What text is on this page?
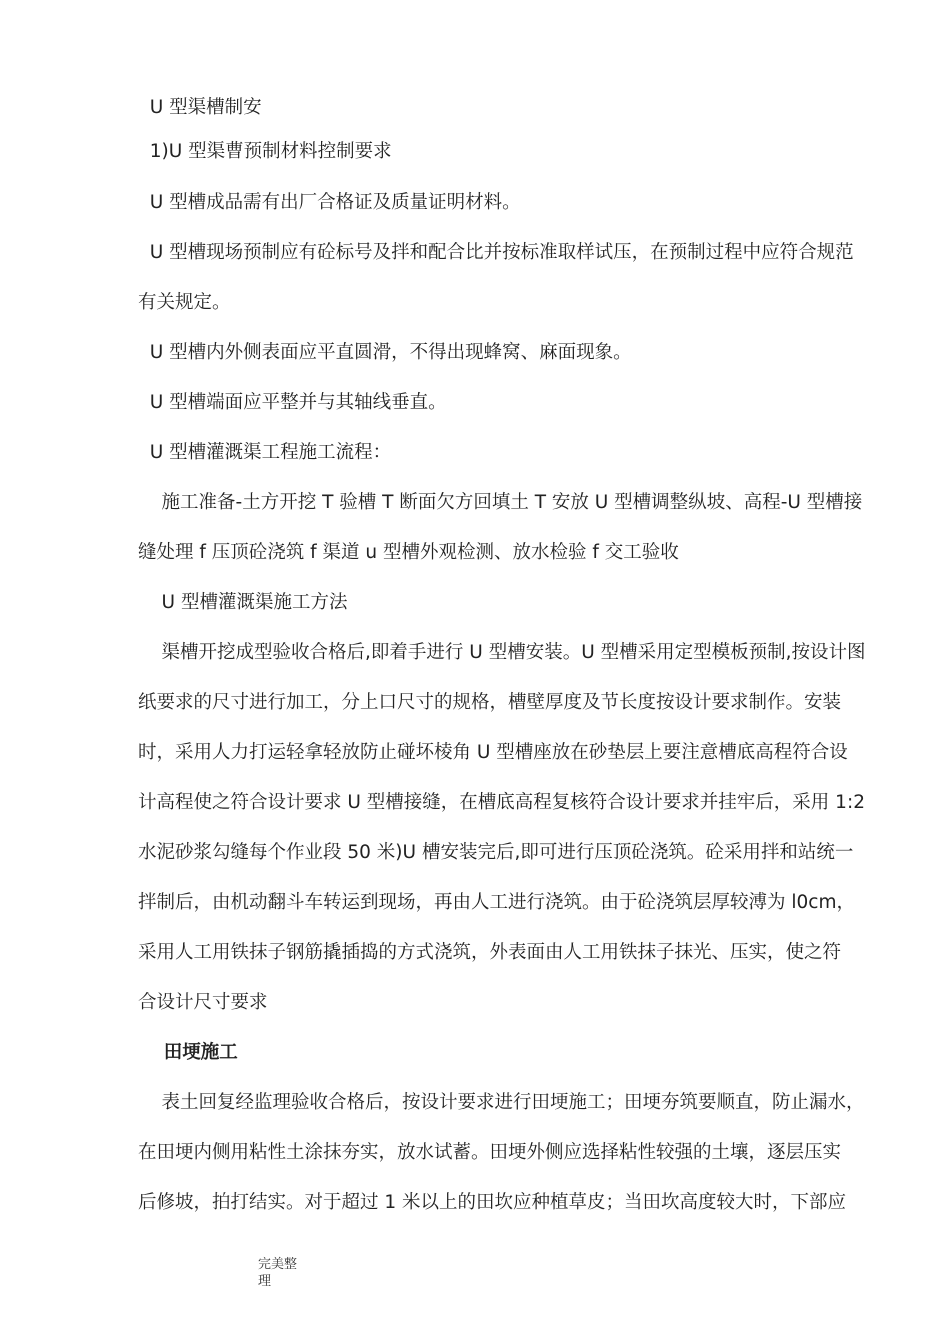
U 型渠槽制安

1)U 型渠曹预制材料控制要求

U 型槽成品需有出厂合格证及质量证明材料。

U 型槽现场预制应有砼标号及拌和配合比并按标准取样试压，在预制过程中应符合规范

有关规定。

U 型槽内外侧表面应平直圆滑，不得出现蜂窝、麻面现象。

U 型槽端面应平整并与其轴线垂直。

U 型槽灌溉渠工程施工流程：

施工准备-土方开挖 T 验槽 T 断面欠方回填土 T 安放 U 型槽调整纵坡、高程-U 型槽接

缝处理 f 压顶砼浇筑 f 渠道 u 型槽外观检测、放水检验 f 交工验收

U 型槽灌溉渠施工方法

渠槽开挖成型验收合格后,即着手进行 U 型槽安装。U 型槽采用定型模板预制,按设计图

纸要求的尺寸进行加工，分上口尺寸的规格，槽壁厚度及节长度按设计要求制作。安装

时，采用人力打运轻拿轻放防止碰坏棱角 U 型槽座放在砂垫层上要注意槽底高程符合设

计高程使之符合设计要求 U 型槽接缝，在槽底高程复核符合设计要求并挂牢后，采用 1:2

水泥砂浆勾缝每个作业段 50 米)U 槽安装完后,即可进行压顶砼浇筑。砼采用拌和站统一

拌制后，由机动翻斗车转运到现场，再由人工进行浇筑。由于砼浇筑层厚较溥为 l0cm，

采用人工用铁抹子钢筋撬插捣的方式浇筑，外表面由人工用铁抹子抹光、压实，使之符

合设计尺寸要求

田埂施工

表土回复经监理验收合格后，按设计要求进行田埂施工；田埂夯筑要顺直，防止漏水，

在田埂内侧用粘性土涂抹夯实，放水试蓄。田埂外侧应选择粘性较强的土壤，逐层压实

后修坡，拍打结实。对于超过 1 米以上的田坎应种植草皮；当田坎高度较大时，下部应

完美整理
